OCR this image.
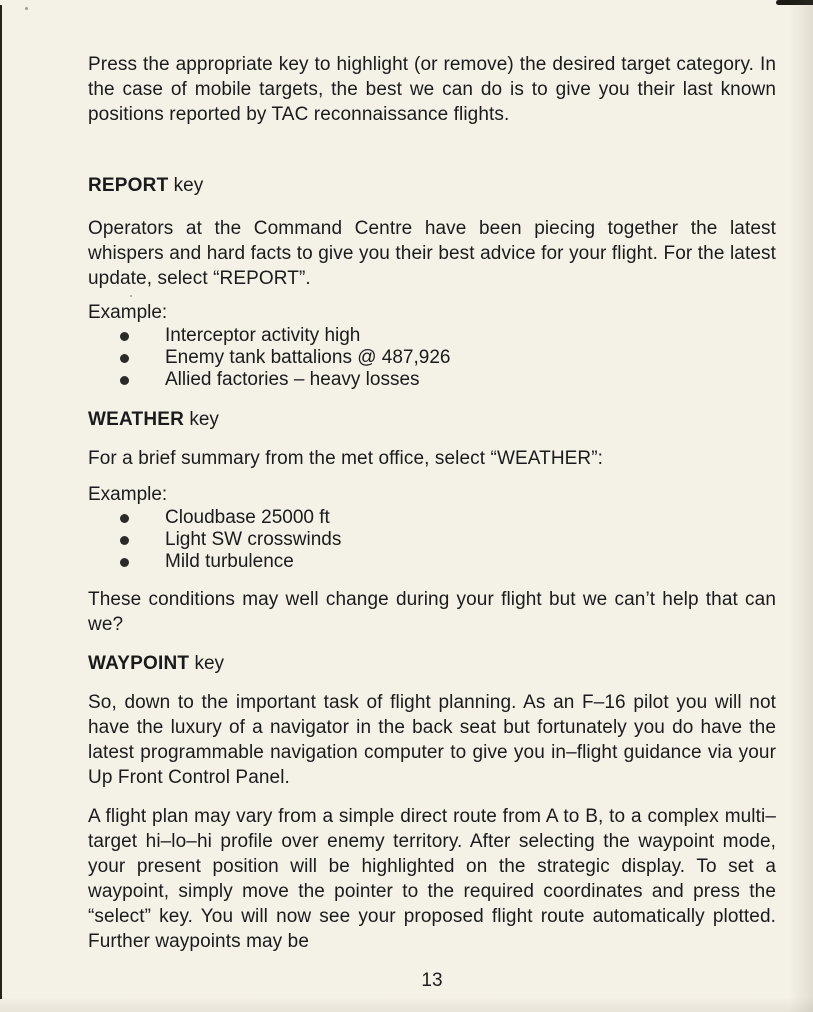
Press the appropriate key to highlight (or remove) the desired target category. In the case of mobile targets, the best we can do is to give you their last known positions reported by TAC reconnaissance flights.

REPORT key

Operators at the Command Centre have been piecing together the latest whispers and hard facts to give you their best advice for your flight. For the latest update, select “REPORT”.

Example:

Interceptor activity high
Enemy tank battalions @ 487,926
Allied factories – heavy losses
WEATHER key

For a brief summary from the met office, select “WEATHER”:

Example:

Cloudbase 25000 ft
Light SW crosswinds
Mild turbulence

These conditions may well change during your flight but we can’t help that can we?

WAYPOINT key

So, down to the important task of flight planning. As an F–16 pilot you will not have the luxury of a navigator in the back seat but fortunately you do have the latest programmable navigation computer to give you in–flight guidance via your Up Front Control Panel.

A flight plan may vary from a simple direct route from A to B, to a complex multi–target hi–lo–hi profile over enemy territory. After selecting the waypoint mode, your present position will be highlighted on the strategic display. To set a waypoint, simply move the pointer to the required coordinates and press the “select” key. You will now see your proposed flight route automatically plotted. Further waypoints may be

13
